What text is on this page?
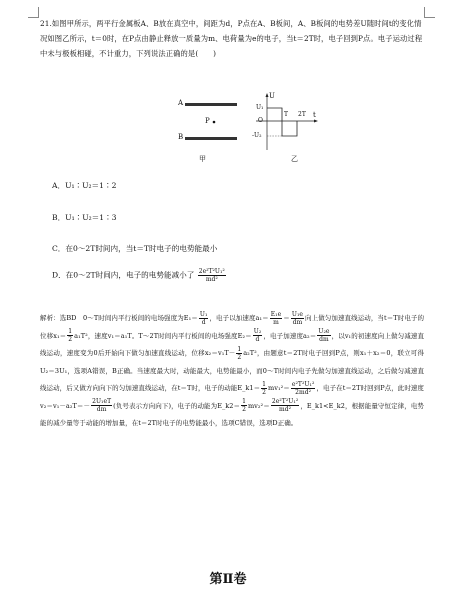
21.如图甲所示，两平行金属板A、B放在真空中，间距为d，P点在A、B板间，A、B板间的电势差U随时间t的变化情况如图乙所示，t＝0时，在P点由静止释放一质量为m、电荷量为e的电子，当t＝2T时，电子回到P点。电子运动过程中未与极板相碰，不计重力，下列说法正确的是(　　)
A
B
P
U
U₁
O
-U₂
T 2T t
甲	乙
A．U₁∶U₂＝1∶2
B．U₁∶U₂＝1∶3
C．在0～2T时间内，当t＝T时电子的电势能最小
D．在0～2T时间内，电子的电势能减小了 $\frac{\text{2e²T²U₁²}}{\text{md²}}$
解析：选BD　0～T时间内平行板间的电场强度为$E_1= \frac{\text{U₁}}{d}$ ，电子以加速度$a_1= \frac{\text{E₁e}}{m} = \frac{\text{U₁e}}{dm}$ 向上做匀加速直线运动，当t＝T时电子的位移$x_1= \frac{1}{2} a_1T^2$，速度v₁＝a₁T。T～2T时间内平行板间的电场强度$E_2= \frac{\text{U₂}}{d}$ ，电子加速度$a_2= \frac{\text{U₂e}}{dm}$ ，以v₁的初速度向上做匀减速直线运动，速度变为0后开始向下做匀加速直线运动，位移$x_2=v_1T- \frac{1}{2} a_2T^2$，由题意t＝2T时电子回到P点，则x₁＋x₂＝0，联立可得U₂＝3U₁，选项A错误，B正确。当速度最大时，动能最大，电势能最小，而0～T时间内电子先做匀加速直线运动，之后做匀减速直线运动，后又做方向向下的匀加速直线运动，在t＝T时，电子的动能E_k1＝ $\frac{1}{2} mv_1^2= \frac{\text{e²T²U₁²}}{\text{2md²}}$ ，电子在t＝2T时回到P点，此时速度$v_2=v_1-a_2T=- \frac{\text{2U₁eT}}{dm}$ (负号表示方向向下)，电子的动能为E_k2＝ $\frac{1}{2} mv_2^2= \frac{\text{2e²T²U₁²}}{\text{md²}}$ ，E_k1<E_k2，根据能量守恒定律，电势能的减少量等于动能的增加量，在t＝2T时电子的电势能最小，选项C错误，选项D正确。
第Ⅱ卷
